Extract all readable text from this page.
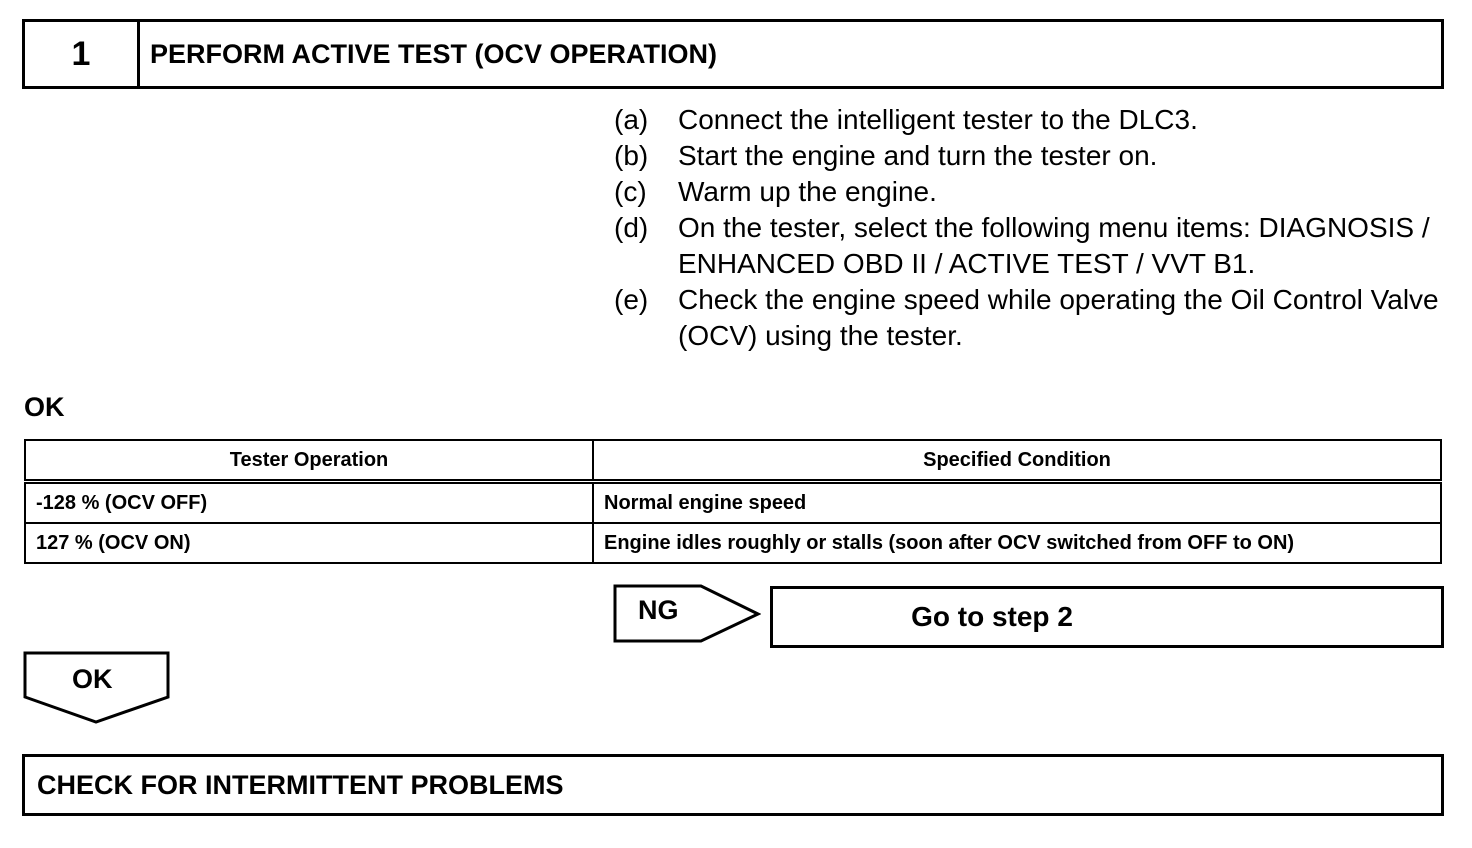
1	PERFORM ACTIVE TEST (OCV OPERATION)
(a)	Connect the intelligent tester to the DLC3.
(b)	Start the engine and turn the tester on.
(c)	Warm up the engine.
(d)	On the tester, select the following menu items: DIAGNOSIS / ENHANCED OBD II / ACTIVE TEST / VVT B1.
(e)	Check the engine speed while operating the Oil Control Valve (OCV) using the tester.
OK
Tester Operation	Specified Condition
-128 % (OCV OFF)	Normal engine speed
127 % (OCV ON)	Engine idles roughly or stalls (soon after OCV switched from OFF to ON)
NG	Go to step 2
OK
CHECK FOR INTERMITTENT PROBLEMS
